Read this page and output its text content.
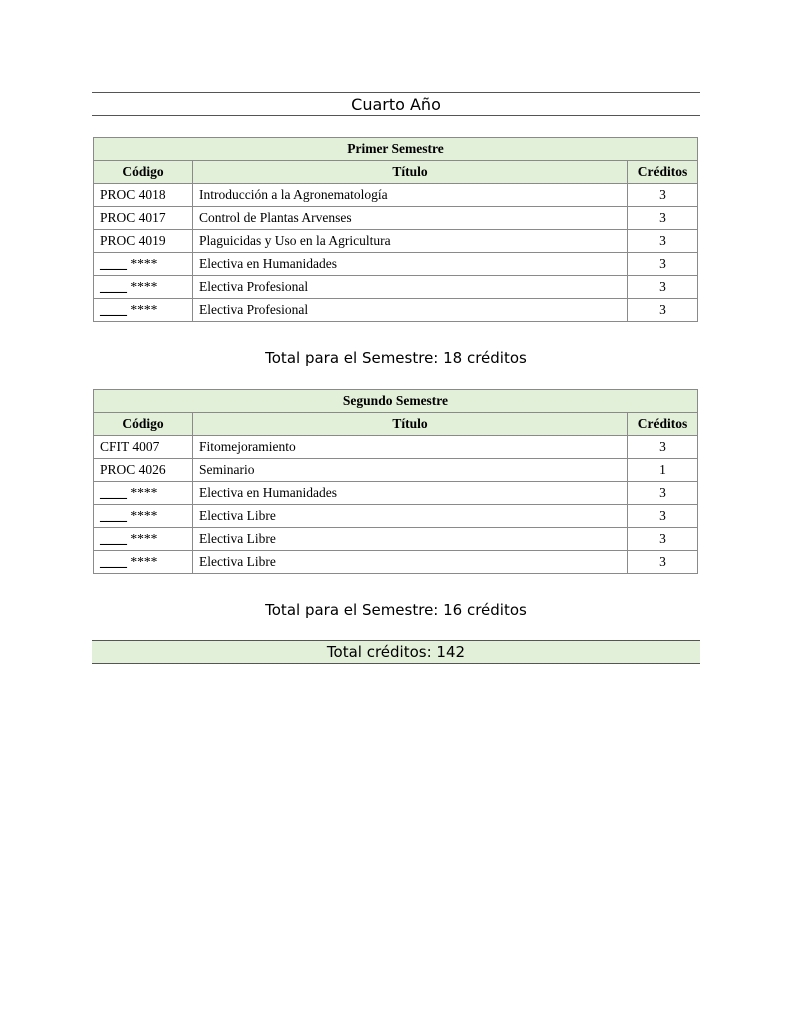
Cuarto Año
Primer Semestre		
Código	Título	Créditos
PROC 4018	Introducción a la Agronematología	3
PROC 4017	Control de Plantas Arvenses	3
PROC 4019	Plaguicidas y Uso en la Agricultura	3
____ ****	Electiva en Humanidades	3
____ ****	Electiva Profesional	3
____ ****	Electiva Profesional	3
Total para el Semestre: 18 créditos
Segundo Semestre		
Código	Título	Créditos
CFIT 4007	Fitomejoramiento	3
PROC 4026	Seminario	1
____ ****	Electiva en Humanidades	3
____ ****	Electiva Libre	3
____ ****	Electiva Libre	3
____ ****	Electiva Libre	3
Total para el Semestre: 16 créditos
Total créditos: 142
